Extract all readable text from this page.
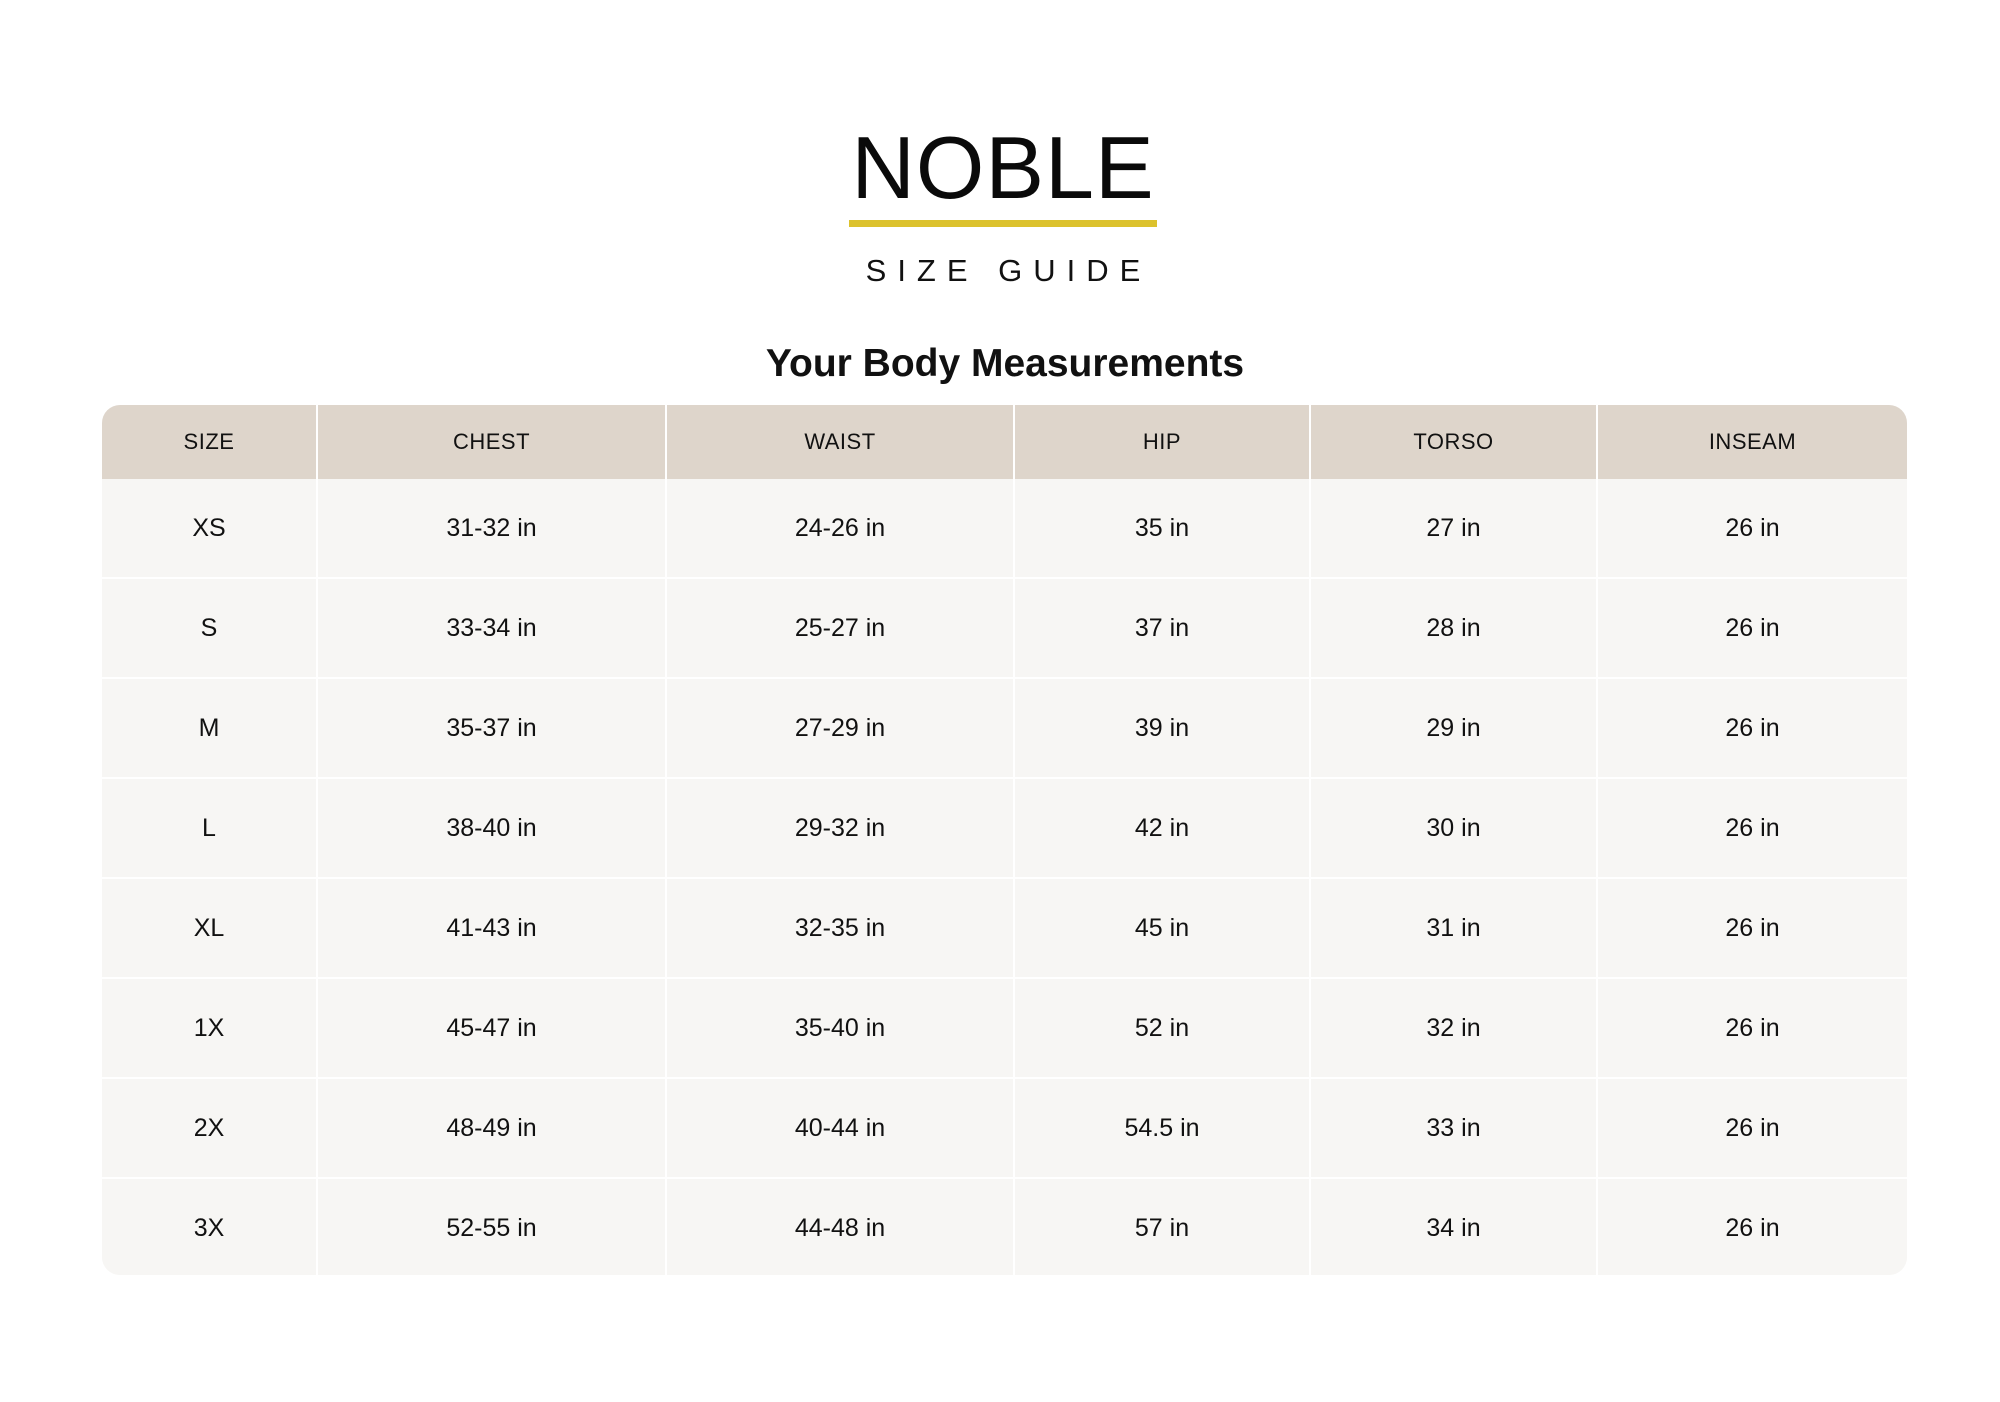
NOBLE
SIZE GUIDE
Your Body Measurements
SIZE	CHEST	WAIST	HIP	TORSO	INSEAM
XS	31-32 in	24-26 in	35 in	27 in	26 in
S	33-34 in	25-27 in	37 in	28 in	26 in
M	35-37 in	27-29 in	39 in	29 in	26 in
L	38-40 in	29-32 in	42 in	30 in	26 in
XL	41-43 in	32-35 in	45 in	31 in	26 in
1X	45-47 in	35-40 in	52 in	32 in	26 in
2X	48-49 in	40-44 in	54.5 in	33 in	26 in
3X	52-55 in	44-48 in	57 in	34 in	26 in
